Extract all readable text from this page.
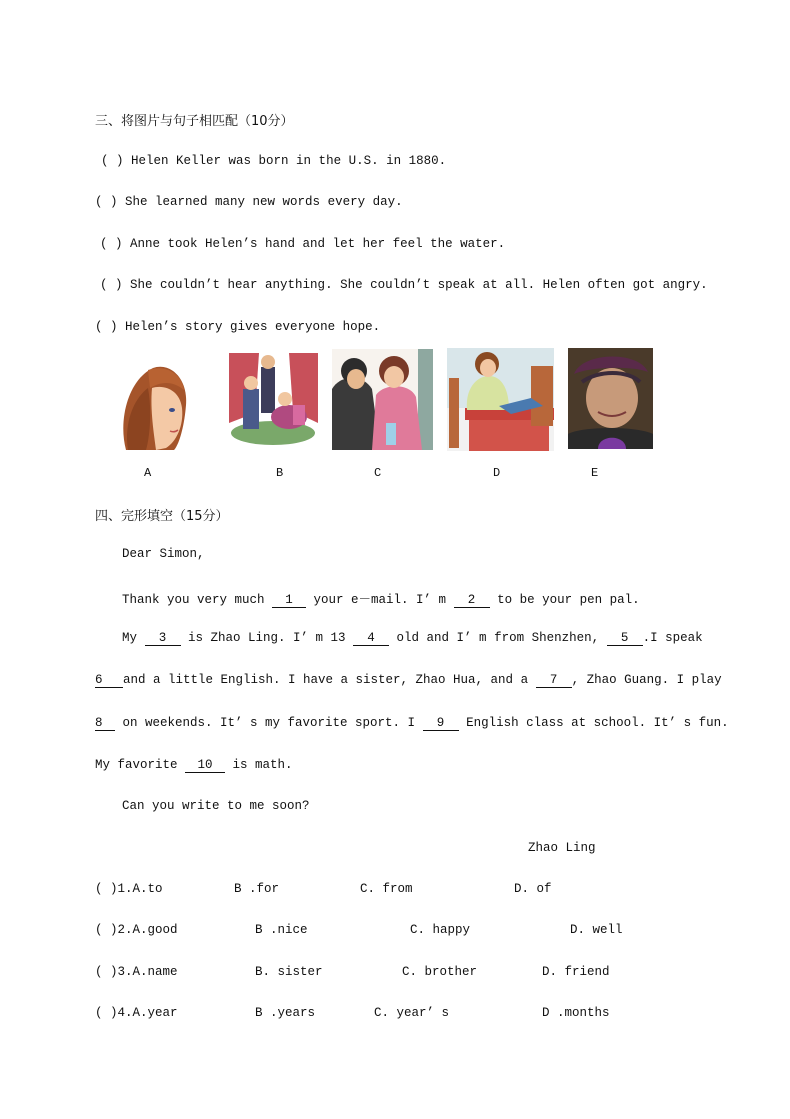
三、将图片与句子相匹配（10分）
( ) Helen Keller was born in the U.S. in 1880.
( ) She learned many new words every day.
( ) Anne took Helen’s hand and let her feel the water.
( ) She couldn’t hear anything. She couldn’t speak at all. Helen often got angry.
( ) Helen’s story gives everyone hope.
A	B	C	D	E
四、完形填空（15分）
Dear Simon,
Thank you very much 1 your e－mail. I’ m 2 to be your pen pal.
My 3 is Zhao Ling. I’ m 13 4 old and I’ m from Shenzhen, 5 .I speak
6 and a little English. I have a sister, Zhao Hua, and a 7 , Zhao Guang. I play
8 on weekends. It’ s my favorite sport. I 9 English class at school. It’ s fun.
My favorite 10 is math.
Can you write to me soon?
Zhao Ling
( )1.A.to	B .for	C. from	D. of
( )2.A.good	B .nice	C. happy	D. well
( )3.A.name	B. sister	C. brother	D. friend
( )4.A.year	B .years	C. year’ s	D .months
